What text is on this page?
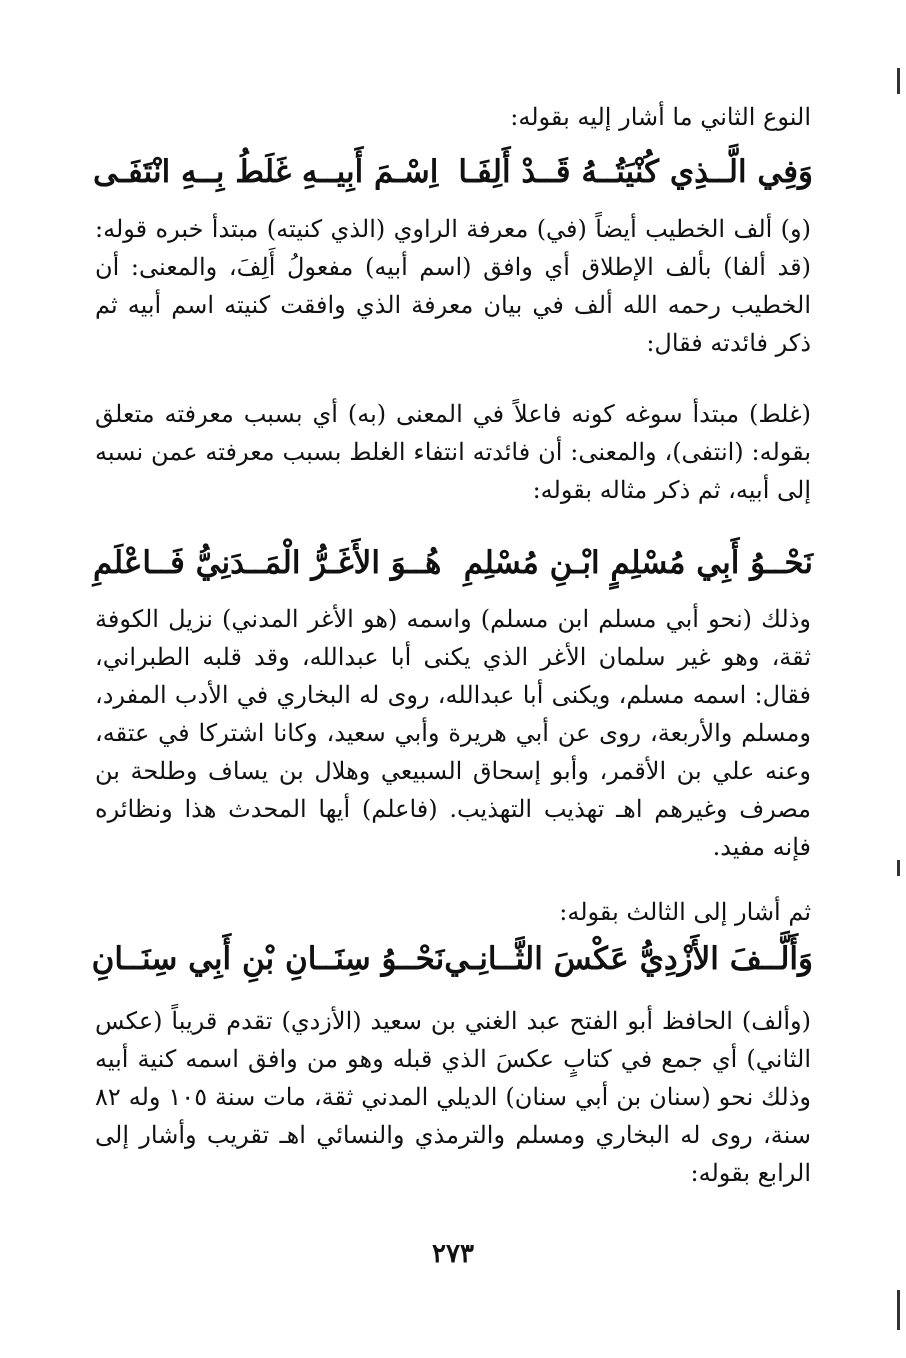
النوع الثاني ما أشار إليه بقوله:

وَفِي الَّــذِي كُنْيَتُــهُ قَــدْ أَلِفَـا
اِسْـمَ أَبِيــهِ غَلَطُ بِــهِ انْتَفَـى

(و) ألف الخطيب أيضاً (في) معرفة الراوي (الذي كنيته) مبتدأ خبره قوله: (قد ألفا) بألف الإطلاق أي وافق (اسم أبيه) مفعولُ أَلِفَ، والمعنى: أن الخطيب رحمه الله ألف في بيان معرفة الذي وافقت كنيته اسم أبيه ثم ذكر فائدته فقال:

(غلط) مبتدأ سوغه كونه فاعلاً في المعنى (به) أي بسبب معرفته متعلق بقوله: (انتفى)، والمعنى: أن فائدته انتفاء الغلط بسبب معرفته عمن نسبه إلى أبيه، ثم ذكر مثاله بقوله:

نَحْــوُ أَبِي مُسْلِمٍ ابْـنِ مُسْلِمِ
هُــوَ الأَغَـرُّ الْمَــدَنِيُّ فَــاعْلَمِ

وذلك (نحو أبي مسلم ابن مسلم) واسمه (هو الأغر المدني) نزيل الكوفة ثقة، وهو غير سلمان الأغر الذي يكنى أبا عبدالله، وقد قلبه الطبراني، فقال: اسمه مسلم، ويكنى أبا عبدالله، روى له البخاري في الأدب المفرد، ومسلم والأربعة، روى عن أبي هريرة وأبي سعيد، وكانا اشتركا في عتقه، وعنه علي بن الأقمر، وأبو إسحاق السبيعي وهلال بن يساف وطلحة بن مصرف وغيرهم اهـ تهذيب التهذيب. (فاعلم) أيها المحدث هذا ونظائره فإنه مفيد.

ثم أشار إلى الثالث بقوله:

وَأَلَّــفَ الأَزْدِيُّ عَكْسَ الثَّــانِـي
نَحْــوُ سِنَــانِ بْنِ أَبِي سِنَــانِ

(وألف) الحافظ أبو الفتح عبد الغني بن سعيد (الأزدي) تقدم قريباً (عكس الثاني) أي جمع في كتابٍ عكسَ الذي قبله وهو من وافق اسمه كنية أبيه وذلك نحو (سنان بن أبي سنان) الديلي المدني ثقة، مات سنة ١٠٥ وله ٨٢ سنة، روى له البخاري ومسلم والترمذي والنسائي اهـ تقريب وأشار إلى الرابع بقوله:

٢٧٣
